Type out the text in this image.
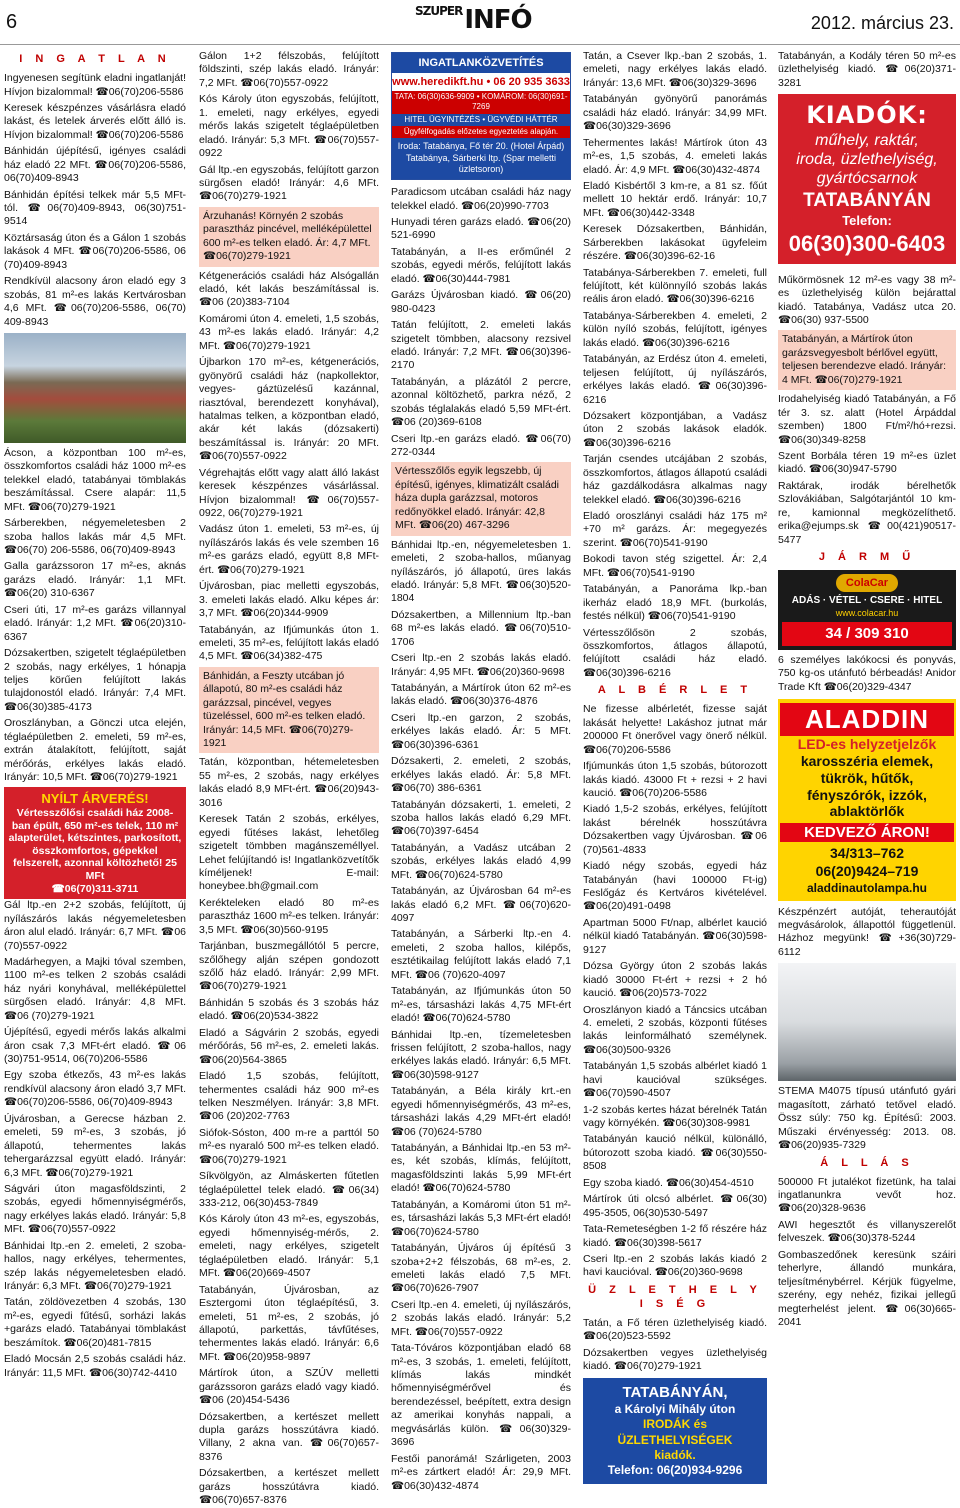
6	$^{SZUPER}$INFÓ	2012. március 23.
I N G A T L A N

Ingyenesen segítünk eladni ingatlanját! Hívjon bizalommal! ☎06(70)206-5586

Keresek készpénzes vásárlásra eladó lakást, és letelek árverés előtt álló is. Hívjon bizalommal! ☎06(70)206-5586

Bánhidán újépítésű, igényes családi ház eladó 22 MFt. ☎06(70)206-5586, 06(70)409-8943

Bánhidán építési telkek már 5,5 MFt-tól. ☎06(70)409-8943, 06(30)751-9514

Köztársaság úton és a Gálon 1 szobás lakások 4 MFt. ☎06(70)206-5586, 06 (70)409-8943

Rendkívül alacsony áron eladó egy 3 szobás, 81 m²-es lakás Kertvárosban 4,6 MFt. ☎06(70)206-5586, 06(70) 409-8943

Ácson, a központban 100 m²-es, összkomfortos családi ház 1000 m²-es telekkel eladó, tatabányai tömblakás beszámítással. Csere alapár: 11,5 MFt. ☎06(70)279-1921

Sárberekben, négyemeletesben 2 szoba hallos lakás már 4,5 MFt. ☎06(70) 206-5586, 06(70)409-8943

Galla garázssoron 17 m²-es, aknás garázs eladó. Irányár: 1,1 MFt. ☎06(20) 310-6367

Cseri úti, 17 m²-es garázs villannyal eladó. Irányár: 1,2 MFt. ☎06(20)310-6367

Dózsakertben, szigetelt téglaépületben 2 szobás, nagy erkélyes, 1 hónapja teljes körűen felújított lakás tulajdonostól eladó. Irányár: 7,4 MFt. ☎06(30)385-4173

Oroszlányban, a Gönczi utca elején, téglaépületben 2. emeleti, 59 m²-es, extrán átalakított, felújított, saját mérőórás, erkélyes lakás eladó. Irányár: 10,5 MFt. ☎06(70)279-1921

NYÍLT ÁRVERÉS!
Vértesszőlősi családi ház 2008-ban épült, 650 m²-es telek, 110 m² alapterület, kétszintes, parkosított, összkomfortos, gépekkel felszerelt, azonnal költözhető! 25 MFt
☎06(70)311-3711

Gál ltp.-en 2+2 szobás, felújított, új nyílászárós lakás négyemeletesben áron alul eladó. Irányár: 6,7 MFt. ☎06 (70)557-0922

Madárhegyen, a Majki tóval szemben, 1100 m²-es telken 2 szobás családi ház nyári konyhával, melléképülettel sürgősen eladó. Irányár: 4,8 MFt. ☎06 (70)279-1921

Újépítésű, egyedi mérős lakás alkalmi áron csak 7,3 MFt-ért eladó. ☎06 (30)751-9514, 06(70)206-5586

Egy szoba étkezős, 43 m²-es lakás rendkívül alacsony áron eladó 3,7 MFt. ☎06(70)206-5586, 06(70)409-8943

Újvárosban, a Gerecse házban 2. emeleti, 59 m²-es, 3 szobás, jó állapotú, tehermentes lakás tehergarázzsal együtt eladó. Irányár: 6,3 MFt. ☎06(70)279-1921

Ságvári úton magasföldszinti, 2 szobás, egyedi hőmennyiségmérős, nagy erkélyes lakás eladó. Irányár: 5,8 MFt. ☎06(70)557-0922

Bánhidai ltp.-en 2. emeleti, 2 szoba-hallos, nagy erkélyes, tehermentes, szép lakás négyemeletesben eladó. Irányár: 6,3 MFt. ☎06(70)279-1921

Tatán, zöldövezetben 4 szobás, 130 m²-es, egyedi fűtésű, sorházi lakás +garázs eladó. Tatabányai tömblakást beszámítok. ☎06(20)481-7815

Eladó Mocsán 2,5 szobás családi ház. Irányár: 11,5 MFt. ☎06(30)742-4410

Gálon 1+2 félszobás, felújított földszinti, szép lakás eladó. Irányár: 7,2 MFt. ☎06(70)557-0922

Kós Károly úton egyszobás, felújított, 1. emeleti, nagy erkélyes, egyedi mérős lakás szigetelt téglaépületben eladó. Irányár: 5,3 MFt. ☎06(70)557-0922

Gál ltp.-en egyszobás, felújított garzon sürgősen eladó! Irányár: 4,6 MFt. ☎06(70)279-1921

Árzuhanás! Környén 2 szobás parasztház pincével, melléképülettel 600 m²-es telken eladó. Ár: 4,7 MFt. ☎06(70)279-1921

Kétgenerációs családi ház Alsógallán eladó, két lakás beszámítással is. ☎06 (20)383-7104

Komáromi úton 4. emeleti, 1,5 szobás, 43 m²-es lakás eladó. Irányár: 4,2 MFt. ☎06(70)279-1921

Újbarkon 170 m²-es, kétgenerációs, gyönyörű családi ház (napkollektor, vegyes- gáztüzelésű kazánnal, riasztóval, berendezett konyhával), hatalmas telken, a központban eladó, akár két lakás (dózsakerti) beszámítással is. Irányár: 20 MFt. ☎06(70)557-0922

Végrehajtás előtt vagy alatt álló lakást keresek készpénzes vásárlással. Hívjon bizalommal! ☎06(70)557-0922, 06(70)279-1921

Vadász úton 1. emeleti, 53 m²-es, új nyílászárós lakás és vele szemben 16 m²-es garázs eladó, együtt 8,8 MFt-ért. ☎06(70)279-1921

Újvárosban, piac melletti egyszobás, 3. emeleti lakás eladó. Alku képes ár: 3,7 MFt. ☎06(20)344-9909

Tatabányán, az Ifjúmunkás úton 1. emeleti, 35 m²-es, felújított lakás eladó 4,5 MFt. ☎06(34)382-475

Bánhidán, a Feszty utcában jó állapotú, 80 m²-es családi ház garázzsal, pincével, vegyes tüzeléssel, 600 m²-es telken eladó. Irányár: 14,5 MFt. ☎06(70)279-1921

Tatán, központban, hétemeletesben 55 m²-es, 2 szobás, nagy erkélyes lakás eladó 8,9 MFt-ért. ☎06(20)943-3016

Keresek Tatán 2 szobás, erkélyes, egyedi fűtéses lakást, lehetőleg szigetelt tömbben magánszeméllyel. Lehet felújítandó is! Ingatlanközvetítők kíméljenek! E-mail: honeybee.bh@gmail.com

Kerékteleken eladó 80 m²-es parasztház 1600 m²-es telken. Irányár: 3,5 MFt. ☎06(30)560-9195

Tarjánban, buszmegállótól 5 percre, szőlőhegy alján szépen gondozott szőlő ház eladó. Irányár: 2,99 MFt. ☎06(70)279-1921

Bánhidán 5 szobás és 3 szobás ház eladó. ☎06(20)534-3822

Eladó a Ságvárin 2 szobás, egyedi mérőórás, 56 m²-es, 2. emeleti lakás. ☎06(20)564-3865

Eladó 1,5 szobás, felújított, tehermentes családi ház 900 m²-es telken Neszmélyen. Irányár: 3,8 MFt. ☎06 (20)202-7763

Siófok-Sóston, 400 m-re a parttól 50 m²-es nyaraló 500 m²-es telken eladó. ☎06(70)279-1921

Síkvölgyön, az Almáskerten fűtetlen téglaépülettel telek eladó. ☎06(34) 333-212, 06(30)453-7849

Kós Károly úton 43 m²-es, egyszobás, egyedi hőmennyiség-mérős, 2. emeleti, nagy erkélyes, szigetelt téglaépületben eladó. Irányár: 5,1 MFt. ☎06(20)669-4507

Tatabányán, Újvárosban, az Esztergomi úton téglaépítésű, 3. emeleti, 51 m²-es, 2 szobás, jó állapotú, parkettás, távfűtéses, tehermentes lakás eladó. Irányár: 6,6 MFt. ☎06(20)958-9897

Mártírok úton, a SZÚV melletti garázssoron garázs eladó vagy kiadó. ☎06 (20)454-5436

Dózsakertben, a kertészet mellett dupla garázs hosszútávra kiadó. Villany, 2 akna van. ☎06(70)657-8376

Dózsakertben, a kertészet mellett garázs hosszútávra kiadó. ☎06(70)657-8376

INGATLANKÖZVETÍTÉS
www.heredikft.hu • 06 20 935 3633
TATA: 06(30)636-9909 • KOMÁROM: 06(30)691-7269
HITEL ÜGYINTÉZÉS • ÜGYVÉDI HÁTTÉR
Ügyfélfogadás előzetes egyeztetés alapján.
Iroda: Tatabánya, Fő tér 20. (Hotel Árpád)
Tatabánya, Sárberki ltp. (Spar melletti üzletsoron)

Paradicsom utcában családi ház nagy telekkel eladó. ☎06(20)990-7703

Hunyadi téren garázs eladó. ☎06(20) 521-6990

Tatabányán, a II-es erőműnél 2 szobás, egyedi mérős, felújított lakás eladó. ☎06(30)444-7981

Garázs Újvárosban kiadó. ☎06(20) 980-0423

Tatán felújított, 2. emeleti lakás szigetelt tömbben, alacsony rezsivel eladó. Irányár: 7,2 MFt. ☎06(30)396-2170

Tatabányán, a plázától 2 percre, azonnal költözhető, parkra néző, 2 szobás téglalakás eladó 5,59 MFt-ért. ☎06 (20)369-6108

Cseri ltp.-en garázs eladó. ☎06(70) 272-0344

Vértesszőlős egyik legszebb, új építésű, igényes, klimatizált családi háza dupla garázzsal, motoros redőnyökkel eladó. Irányár: 42,8 MFt. ☎06(20) 467-3296

Bánhidai ltp.-en, négyemeletesben 1. emeleti, 2 szoba-hallos, műanyag nyílászárós, jó állapotú, üres lakás eladó. Irányár: 5,8 MFt. ☎06(30)520-1804

Dózsakertben, a Millennium ltp.-ban 68 m²-es lakás eladó. ☎06(70)510-1706

Cseri ltp.-en 2 szobás lakás eladó. Irányár: 4,95 MFt. ☎06(20)360-9698

Tatabányán, a Mártírok úton 62 m²-es lakás eladó. ☎06(30)376-4876

Cseri ltp.-en garzon, 2 szobás, erkélyes lakás eladó. Ár: 5 MFt. ☎06(30)396-6361

Dózsakerti, 2. emeleti, 2 szobás, erkélyes lakás eladó. Ár: 5,8 MFt. ☎06(70) 386-6361

Tatabányán dózsakerti, 1. emeleti, 2 szoba hallos lakás eladó 6,29 MFt. ☎06(70)397-6454

Tatabányán, a Vadász utcában 2 szobás, erkélyes lakás eladó 4,99 MFt. ☎06(70)624-5780

Tatabányán, az Újvárosban 64 m²-es lakás eladó 6,2 MFt. ☎06(70)620-4097

Tatabányán, a Sárberki ltp.-en 4. emeleti, 2 szoba hallos, kilépős, esztétikailag felújított lakás eladó 7,1 MFt. ☎06 (70)620-4097

Tatabányán, az Ifjúmunkás úton 50 m²-es, társasházi lakás 4,75 MFt-ért eladó! ☎06(70)624-5780

Bánhidai ltp.-en, tízemeletesben frissen felújított, 2 szoba-hallos, nagy erkélyes lakás eladó. Irányár: 6,5 MFt. ☎06(30)598-9127

Tatabányán, a Béla király krt.-en egyedi hőmennyiségmérős, 43 m²-es, társasházi lakás 4,29 MFt-ért eladó! ☎06 (70)624-5780

Tatabányán, a Bánhidai ltp.-en 53 m²-es, két szobás, klímás, felújított, magasföldszinti lakás 5,99 MFt-ért eladó! ☎06(70)624-5780

Tatabányán, a Komáromi úton 51 m²-es, társasházi lakás 5,3 MFt-ért eladó! ☎06(70)624-5780

Tatabányán, Újváros új építésű 3 szoba+2+2 félszobás, 68 m²-es, 2. emeleti lakás eladó 7,5 MFt. ☎06(70)626-7907

Cseri ltp.-en 4. emeleti, új nyílászárós, 2 szobás lakás eladó. Irányár: 5,2 MFt. ☎06(70)557-0922

Tata-Tóváros központjában eladó 68 m²-es, 3 szobás, 1. emeleti, felújított, klímás lakás mindkét hőmennyiségmérővel és berendezéssel, beépített, extra design az amerikai konyhás nappali, a megvásárlás külön. ☎06(30)329-3696

Festői panorámá! Szárligeten, 2003 m²-es zártkert eladó! Ár: 29,9 MFt. ☎06(30)432-4874

Tatán, a Csever lkp.-ban 2 szobás, 1. emeleti, nagy erkélyes lakás eladó. Irányár: 13,6 MFt. ☎06(30)329-3696

Tatabányán gyönyörű panorámás családi ház eladó. Irányár: 34,99 MFt. ☎06(30)329-3696

Tehermentes lakás! Mártírok úton 43 m²-es, 1,5 szobás, 4. emeleti lakás eladó. Ár: 4,9 MFt. ☎06(30)432-4874

Eladó Kisbértől 3 km-re, a 81 sz. főút mellett 10 hektár erdő. Irányár: 10,7 MFt. ☎06(30)442-3348

Keresek Dózsakertben, Bánhidán, Sárberekben lakásokat ügyfeleim részére. ☎06(30)396-62-16

Tatabánya-Sárberekben 7. emeleti, full felújított, két különnyíló szobás lakás reális áron eladó. ☎06(30)396-6216

Tatabánya-Sárberekben 4. emeleti, 2 külön nyíló szobás, felújított, igényes lakás eladó. ☎06(30)396-6216

Tatabányán, az Erdész úton 4. emeleti, teljesen felújított, új nyílászárós, erkélyes lakás eladó. ☎06(30)396-6216

Dózsakert központjában, a Vadász úton 2 szobás lakások eladók. ☎06(30)396-6216

Tarján csendes utcájában 2 szobás, összkomfortos, átlagos állapotú családi ház gazdálkodásra alkalmas nagy telekkel eladó. ☎06(30)396-6216

Eladó oroszlányi családi ház 175 m² +70 m² garázs. Ár: megegyezés szerint. ☎06(70)541-9190

Bokodi tavon stég szigettel. Ár: 2,4 MFt. ☎06(70)541-9190

Tatabányán, a Panoráma lkp.-ban ikerház eladó 18,9 MFt. (burkolás, festés nélkül) ☎06(70)541-9190

Vértesszőlősön 2 szobás, összkomfortos, átlagos állapotú, felújított családi ház eladó. ☎06(30)396-6216

A L B É R L E T

Ne fizesse albérletét, fizesse saját lakását helyette! Lakáshoz jutnat már 200000 Ft önerővel vagy önerő nélkül. ☎06(70)206-5586

Ifjúmunkás úton 1,5 szobás, bútorozott lakás kiadó. 43000 Ft + rezsi + 2 havi kaució. ☎06(70)206-5586

Kiadó 1,5-2 szobás, erkélyes, felújított lakást bérelnék hosszútávra Dózsakertben vagy Újvárosban. ☎06 (70)561-4833

Kiadó négy szobás, egyedi ház Tatabányán (havi 100000 Ft-ig) Feslőgáz és Kertváros kivételével. ☎06(20)491-0498

Apartman 5000 Ft/nap, albérlet kaució nélkül kiadó Tatabányán. ☎06(30)598-9127

Dózsa György úton 2 szobás lakás kiadó 30000 Ft-ért + rezsi + 2 hó kaució. ☎06(20)573-7022

Oroszlányon kiadó a Táncsics utcában 4. emeleti, 2 szobás, központi fűtéses lakás leinformálható személynek. ☎06(30)500-9326

Tatabányán 1,5 szobás albérlet kiadó 1 havi kaucióval szükséges. ☎06(70)590-4507

1-2 szobás kertes házat bérelnék Tatán vagy környékén. ☎06(30)308-9981

Tatabányán kaució nélkül, különálló, bútorozott szoba kiadó. ☎06(30)550-8508

Egy szoba kiadó. ☎06(30)454-4510

Mártírok úti olcsó albérlet. ☎06(30) 495-3505, 06(30)530-5497

Tata-Remeteségben 1-2 fő részére ház kiadó. ☎06(30)398-5617

Cseri ltp.-en 2 szobás lakás kiadó 2 havi kaucióval. ☎06(20)360-9698

Ü Z L E T H E L Y I S É G

Tatán, a Fő téren üzlethelyiség kiadó. ☎06(20)523-5592

Dózsakertben vegyes üzlethelyiség kiadó. ☎06(70)279-1921

TATABÁNYÁN,
a Károlyi Mihály úton
IRODÁK és ÜZLETHELYISÉGEK
kiadók.
Telefon: 06(20)934-9296

Tatabányán, a Kodály téren 50 m²-es üzlethelyiség kiadó. ☎06(20)371-3281

KIADÓK:
műhely, raktár,
iroda, üzlethelyiség,
gyártócsarnok
TATABÁNYÁN
Telefon:
06(30)300-6403

Műkörmösnek 12 m²-es vagy 38 m²-es üzlethelyiség külön bejárattal kiadó. Tatabánya, Vadász utca 20. ☎06(30) 937-5500

Tatabányán, a Mártírok úton garázsvegyesbolt bérlővel együtt, teljesen berendezve eladó. Irányár: 4 MFt. ☎06(70)279-1921

Irodahelyiség kiadó Tatabányán, a Fő tér 3. sz. alatt (Hotel Árpáddal szemben) 1800 Ft/m²/hó+rezsi. ☎06(30)349-8258

Szent Borbála téren 19 m²-es üzlet kiadó. ☎06(30)947-5790

Raktárak, irodák bérelhetők Szlovákiában, Salgótarjántól 10 km-re, kamionnal megközelíthető. erika@ejumps.sk ☎00(421)90517-5477

J Á R M Ű
ColaCar
ADÁS · VÉTEL · CSERE · HITEL
www.colacar.hu
34 / 309 310

6 személyes lakókocsi és ponyvás, 750 kg-os utánfutó bérbeadás! Anidor Trade Kft ☎06(20)329-4347

ALADDIN
LED-es helyzetjelzők
karosszéria elemek,
tükrök, hűtők,
fényszórók, izzók,
ablaktörlők
KEDVEZŐ ÁRON!
34/313–762
06(20)9424–719
aladdinautolampa.hu

Készpénzért autóját, teherautóját megvásárolok, állapottól függetlenül. Házhoz megyünk! ☎+36(30)729-6112

STEMA M4075 típusú utánfutó gyári magasított, zárható tetővel eladó. Össz súly: 750 kg. Építésű: 2003. Műszaki érvényesség: 2013. 08. ☎06(20)935-7329

Á L L Á S

500000 Ft jutalékot fizetünk, ha talai ingatlanunkra vevőt hoz. ☎06(20)328-9636

AWI hegesztőt és villanyszerelőt felveszek. ☎06(30)378-5244

Gombaszedőnek keresünk száiri teherlyre, állandó munkára, teljesítménybérrel. Kérjük fügyelme, szerény, egy nehéz, fizikai jellegű megterhelést jelent. ☎06(30)665-2041
